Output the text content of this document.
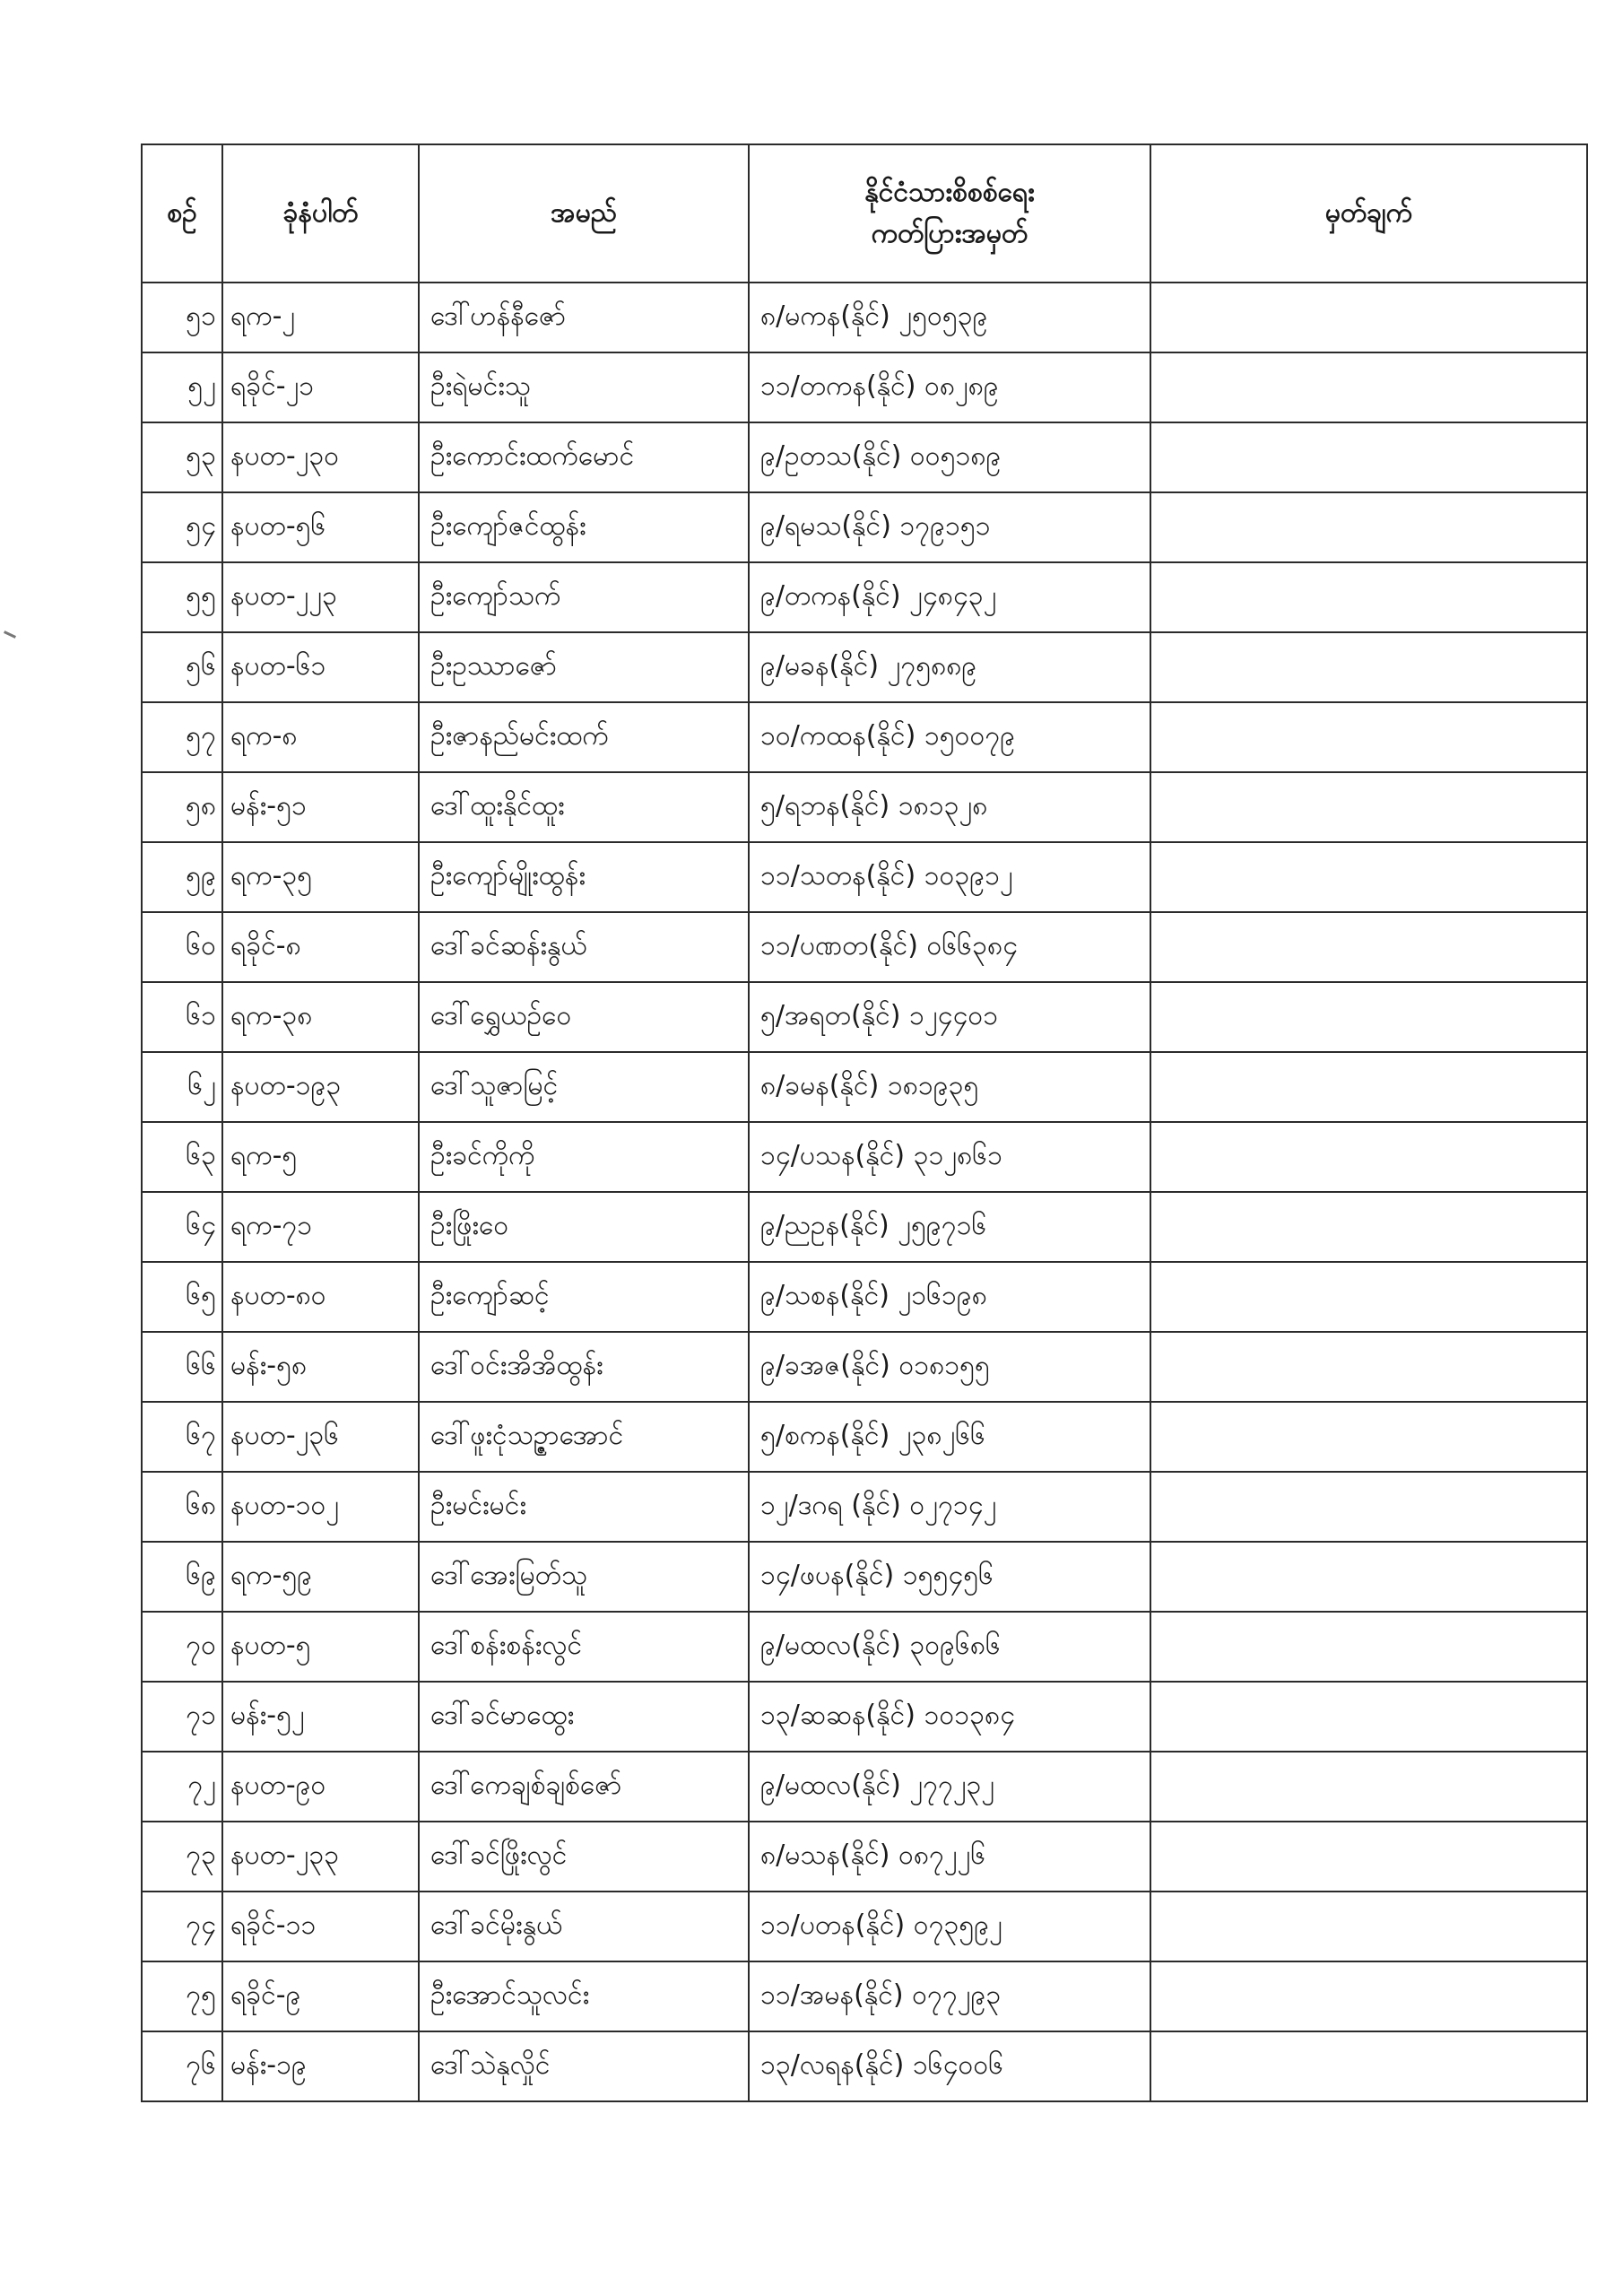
စဉ်	ခုံနံပါတ်	အမည်	နိုင်ငံသားစိစစ်ရေး
ကတ်ပြားအမှတ်	မှတ်ချက်
၅၁	ရက-၂	ဒေါ်ဟန်နီဇော်	၈/မကန(နိုင်) ၂၅၀၅၃၉	
၅၂	ရခိုင်-၂၁	ဦးရဲမင်းသူ	၁၁/တကန(နိုင်) ၀၈၂၈၉	
၅၃	နပတ-၂၃၀	ဦးကောင်းထက်မောင်	၉/ဥတသ(နိုင်) ၀၀၅၁၈၉	
၅၄	နပတ-၅၆	ဦးကျော်ဇင်ထွန်း	၉/ရမသ(နိုင်) ၁၇၉၁၅၁	
၅၅	နပတ-၂၂၃	ဦးကျော်သက်	၉/တကန(နိုင်) ၂၄၈၄၃၂	
၅၆	နပတ-၆၁	ဦးဥဿာဇော်	၉/မခန(နိုင်) ၂၇၅၈၈၉	
၅၇	ရက-၈	ဦးဇာနည်မင်းထက်	၁၀/ကထန(နိုင်) ၁၅၀၀၇၉	
၅၈	မန်း-၅၁	ဒေါ်ထူးနိုင်ထူး	၅/ရဘန(နိုင်) ၁၈၁၃၂၈	
၅၉	ရက-၃၅	ဦးကျော်မျိုးထွန်း	၁၁/သတန(နိုင်) ၁၀၃၉၁၂	
၆၀	ရခိုင်-၈	ဒေါ်ခင်ဆန်းနွယ်	၁၁/ပဏတ(နိုင်) ၀၆၆၃၈၄	
၆၁	ရက-၃၈	ဒေါ်ရွှေယဉ်ဝေ	၅/အရတ(နိုင်) ၁၂၄၄၀၁	
၆၂	နပတ-၁၉၃	ဒေါ်သူဇာမြင့်	၈/ခမန(နိုင်) ၁၈၁၉၃၅	
၆၃	ရက-၅	ဦးခင်ကိုကို	၁၄/ပသန(နိုင်) ၃၁၂၈၆၁	
၆၄	ရက-၇၁	ဦးဖြိုးဝေ	၉/ညဥန(နိုင်) ၂၅၉၇၁၆	
၆၅	နပတ-၈၀	ဦးကျော်ဆင့်	၉/သစန(နိုင်) ၂၁၆၁၉၈	
၆၆	မန်း-၅၈	ဒေါ်ဝင်းအိအိထွန်း	၉/ခအဇ(နိုင်) ၀၁၈၁၅၅	
၆၇	နပတ-၂၃၆	ဒေါ်ဖူးငုံသဉ္ဇာအောင်	၅/စကန(နိုင်) ၂၃၈၂၆၆	
၆၈	နပတ-၁၀၂	ဦးမင်းမင်း	၁၂/ဒဂရ (နိုင်) ၀၂၇၁၄၂	
၆၉	ရက-၅၉	ဒေါ်အေးမြတ်သူ	၁၄/ဖပန(နိုင်) ၁၅၅၄၅၆	
၇၀	နပတ-၅	ဒေါ်စန်းစန်းလွင်	၉/မထလ(နိုင်) ၃၀၉၆၈၆	
၇၁	မန်း-၅၂	ဒေါ်ခင်မာထွေး	၁၃/ဆဆန(နိုင်) ၁၀၁၃၈၄	
၇၂	နပတ-၉၀	ဒေါ်ကေချစ်ချစ်ဇော်	၉/မထလ(နိုင်) ၂၇၇၂၃၂	
၇၃	နပတ-၂၃၃	ဒေါ်ခင်ဖြိုးလွင်	၈/မသန(နိုင်) ၀၈၇၂၂၆	
၇၄	ရခိုင်-၁၁	ဒေါ်ခင်မိုးနွယ်	၁၁/ပတန(နိုင်) ၀၇၃၅၉၂	
၇၅	ရခိုင်-၉	ဦးအောင်သူလင်း	၁၁/အမန(နိုင်) ၀၇၇၂၉၃	
၇၆	မန်း-၁၉	ဒေါ်သဲနုလှိုင်	၁၃/လရန(နိုင်) ၁၆၄၀၀၆	
